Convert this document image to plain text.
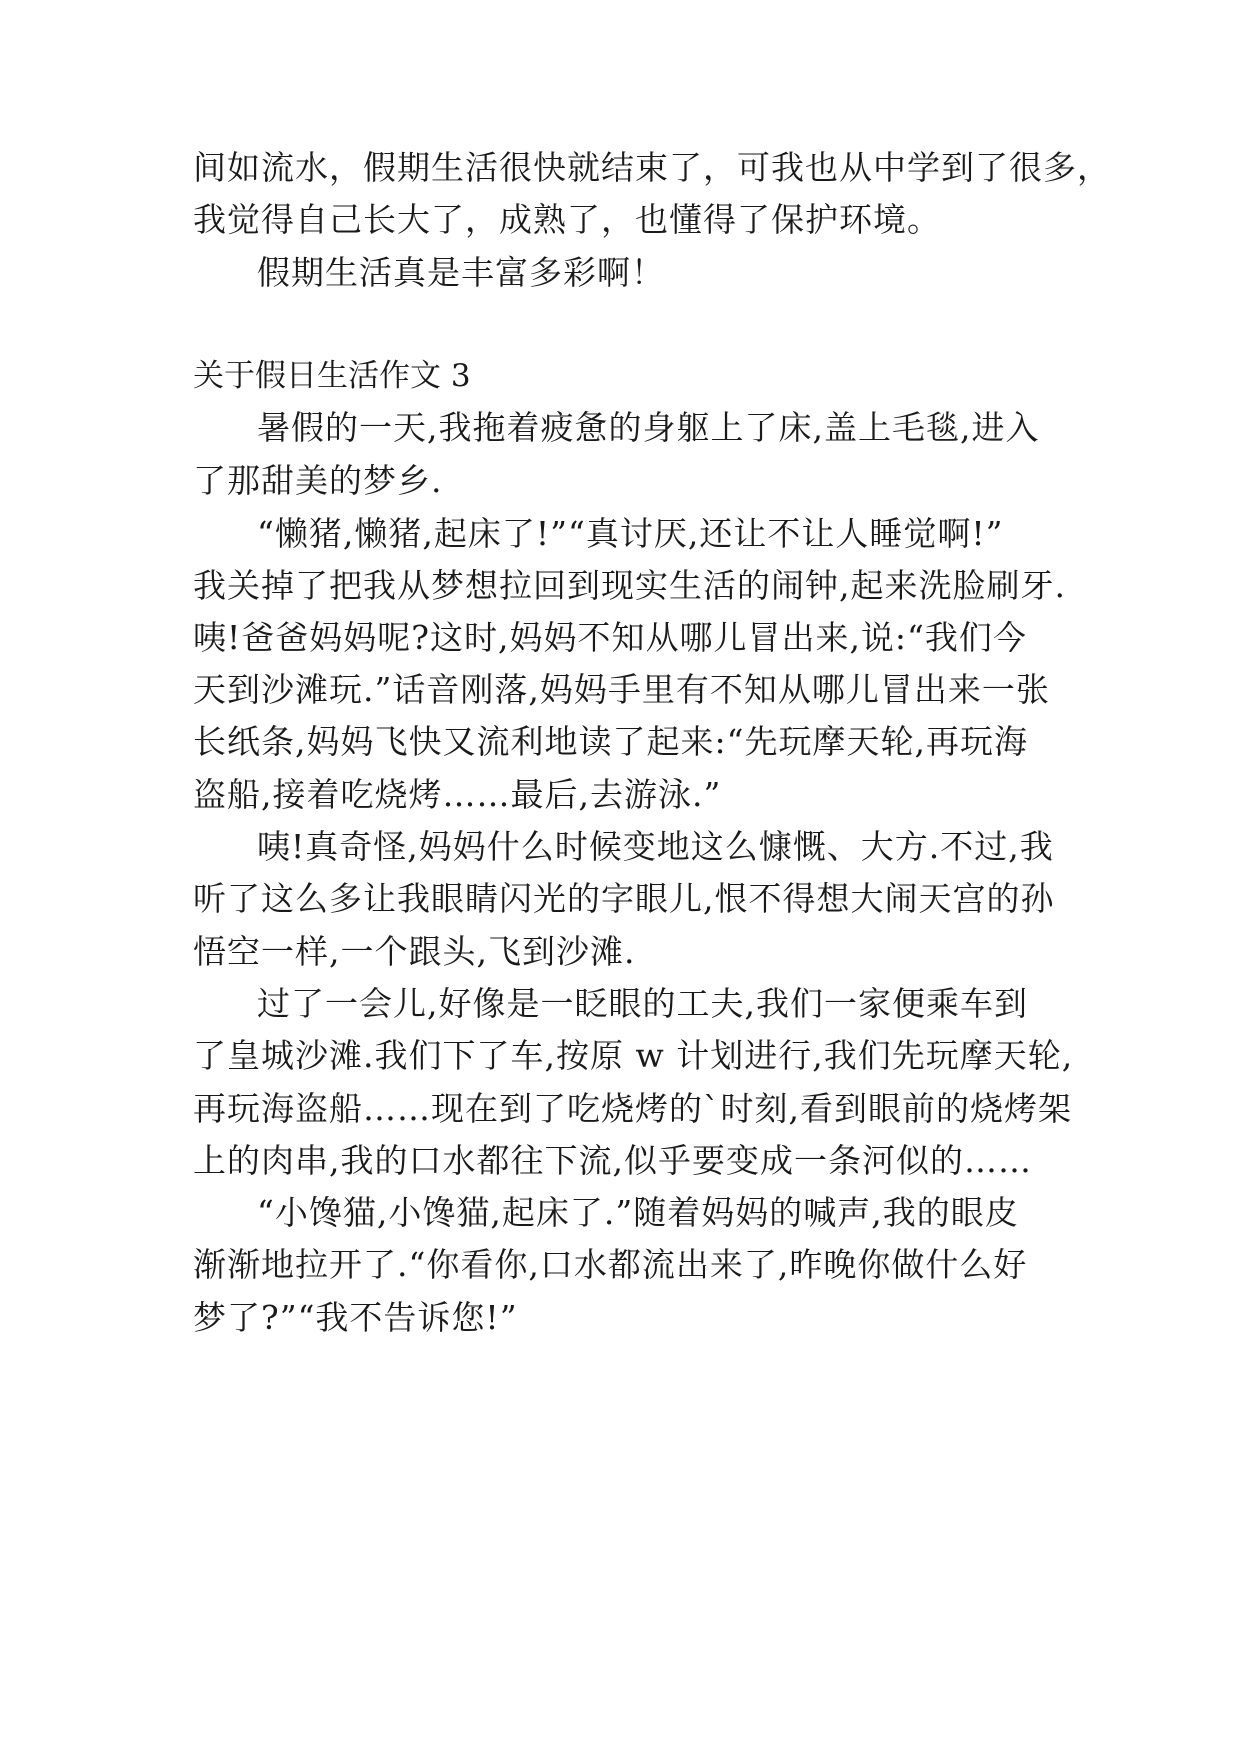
间如流水，假期生活很快就结束了，可我也从中学到了很多，
我觉得自己长大了，成熟了，也懂得了保护环境。
假期生活真是丰富多彩啊！
关于假日生活作文 3
暑假的一天,我拖着疲惫的身躯上了床,盖上毛毯,进入
了那甜美的梦乡.
“懒猪,懒猪,起床了!”“真讨厌,还让不让人睡觉啊!”
我关掉了把我从梦想拉回到现实生活的闹钟,起来洗脸刷牙.
咦!爸爸妈妈呢?这时,妈妈不知从哪儿冒出来,说:“我们今
天到沙滩玩.”话音刚落,妈妈手里有不知从哪儿冒出来一张
长纸条,妈妈飞快又流利地读了起来:“先玩摩天轮,再玩海
盗船,接着吃烧烤……最后,去游泳.”
咦!真奇怪,妈妈什么时候变地这么慷慨、大方.不过,我
听了这么多让我眼睛闪光的字眼儿,恨不得想大闹天宫的孙
悟空一样,一个跟头,飞到沙滩.
过了一会儿,好像是一眨眼的工夫,我们一家便乘车到
了皇城沙滩.我们下了车,按原 w 计划进行,我们先玩摩天轮,
再玩海盗船……现在到了吃烧烤的`时刻,看到眼前的烧烤架
上的肉串,我的口水都往下流,似乎要变成一条河似的……
“小馋猫,小馋猫,起床了.”随着妈妈的喊声,我的眼皮
渐渐地拉开了.“你看你,口水都流出来了,昨晚你做什么好
梦了?”“我不告诉您!”
